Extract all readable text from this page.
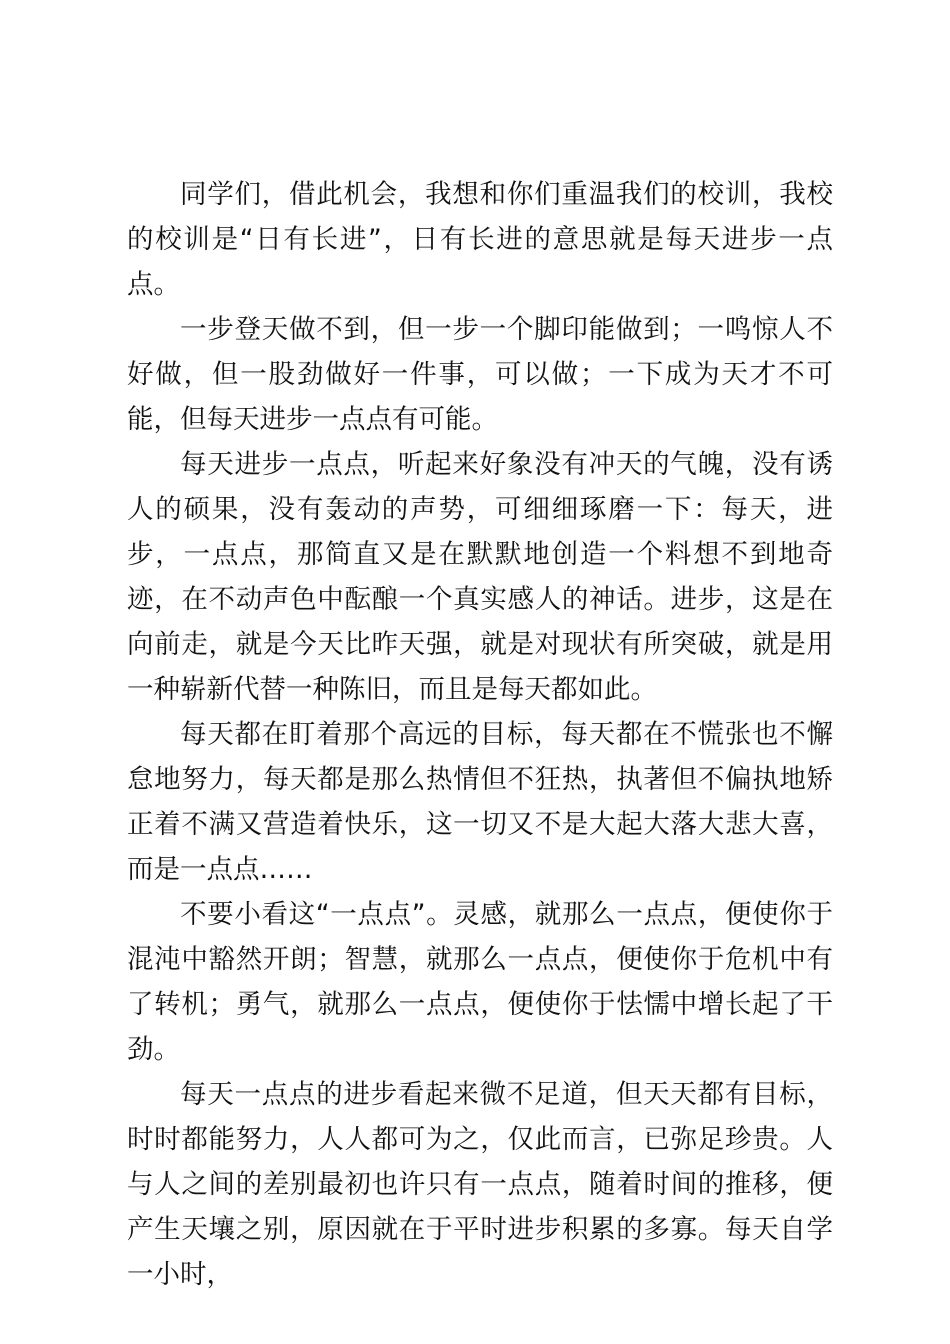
同学们，借此机会，我想和你们重温我们的校训，我校的校训是“日有长进”，日有长进的意思就是每天进步一点点。

一步登天做不到，但一步一个脚印能做到；一鸣惊人不好做，但一股劲做好一件事，可以做；一下成为天才不可能，但每天进步一点点有可能。

每天进步一点点，听起来好象没有冲天的气魄，没有诱人的硕果，没有轰动的声势，可细细琢磨一下：每天，进步，一点点，那简直又是在默默地创造一个料想不到地奇迹，在不动声色中酝酿一个真实感人的神话。进步，这是在向前走，就是今天比昨天强，就是对现状有所突破，就是用一种崭新代替一种陈旧，而且是每天都如此。

每天都在盯着那个高远的目标，每天都在不慌张也不懈怠地努力，每天都是那么热情但不狂热，执著但不偏执地矫正着不满又营造着快乐，这一切又不是大起大落大悲大喜，而是一点点……

不要小看这“一点点”。灵感，就那么一点点，便使你于混沌中豁然开朗；智慧，就那么一点点，便使你于危机中有了转机；勇气，就那么一点点，便使你于怯懦中增长起了干劲。

每天一点点的进步看起来微不足道，但天天都有目标，时时都能努力，人人都可为之，仅此而言，已弥足珍贵。人与人之间的差别最初也许只有一点点，随着时间的推移，便产生天壤之别，原因就在于平时进步积累的多寡。每天自学一小时，
